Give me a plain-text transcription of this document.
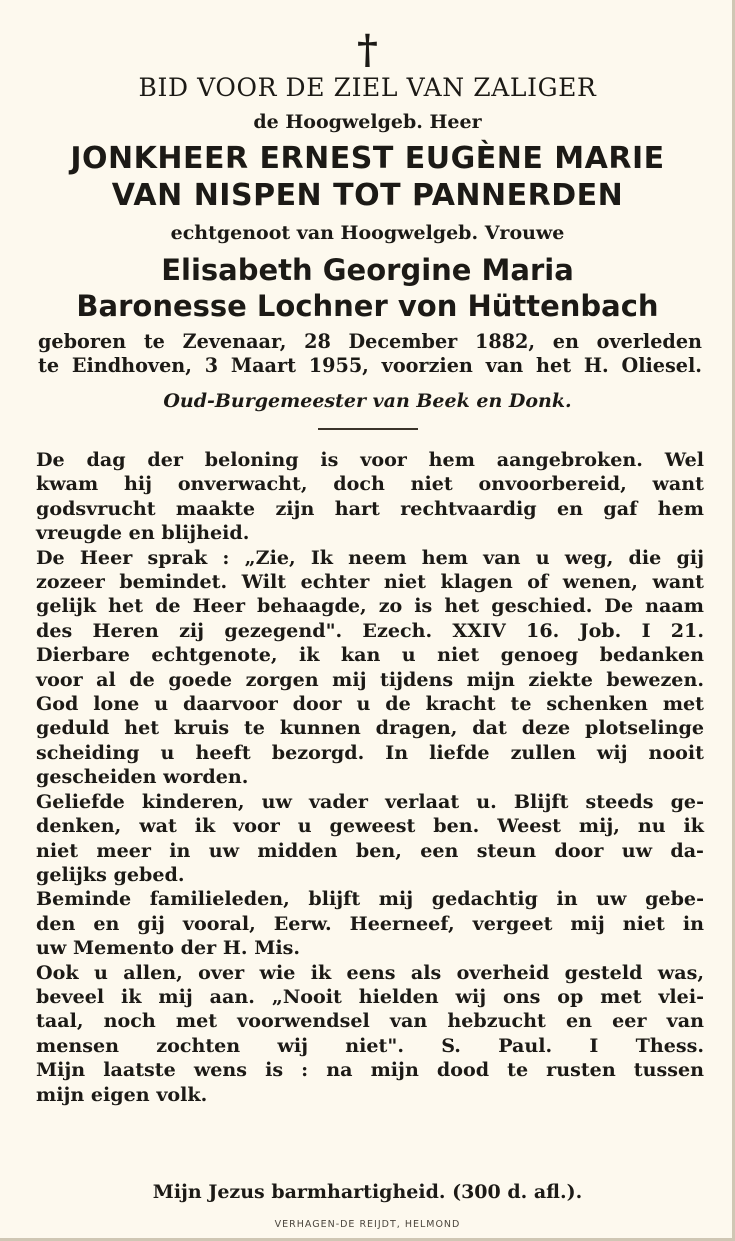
†
BID VOOR DE ZIEL VAN ZALIGER
de Hoogwelgeb. Heer
JONKHEER ERNEST EUGÈNE MARIE
VAN NISPEN TOT PANNERDEN
echtgenoot van Hoogwelgeb. Vrouwe
Elisabeth Georgine Maria
Baronesse Lochner von Hüttenbach
geboren te Zevenaar, 28 December 1882, en overleden
te Eindhoven, 3 Maart 1955, voorzien van het H. Oliesel.
Oud-Burgemeester van Beek en Donk.
De dag der beloning is voor hem aangebroken. Wel
kwam hij onverwacht, doch niet onvoorbereid, want
godsvrucht maakte zijn hart rechtvaardig en gaf hem
vreugde en blijheid.
De Heer sprak : „Zie, Ik neem hem van u weg, die gij
zozeer bemindet. Wilt echter niet klagen of wenen, want
gelijk het de Heer behaagde, zo is het geschied. De naam
des Heren zij gezegend". Ezech. XXIV 16. Job. I 21.
Dierbare echtgenote, ik kan u niet genoeg bedanken
voor al de goede zorgen mij tijdens mijn ziekte bewezen.
God lone u daarvoor door u de kracht te schenken met
geduld het kruis te kunnen dragen, dat deze plotselinge
scheiding u heeft bezorgd. In liefde zullen wij nooit
gescheiden worden.
Geliefde kinderen, uw vader verlaat u. Blijft steeds ge-
denken, wat ik voor u geweest ben. Weest mij, nu ik
niet meer in uw midden ben, een steun door uw da-
gelijks gebed.
Beminde familieleden, blijft mij gedachtig in uw gebe-
den en gij vooral, Eerw. Heerneef, vergeet mij niet in
uw Memento der H. Mis.
Ook u allen, over wie ik eens als overheid gesteld was,
beveel ik mij aan. „Nooit hielden wij ons op met vlei-
taal, noch met voorwendsel van hebzucht en eer van
mensen zochten wij niet". S. Paul. I Thess.
Mijn laatste wens is : na mijn dood te rusten tussen
mijn eigen volk.
Mijn Jezus barmhartigheid. (300 d. afl.).
VERHAGEN-DE REIJDT, HELMOND
